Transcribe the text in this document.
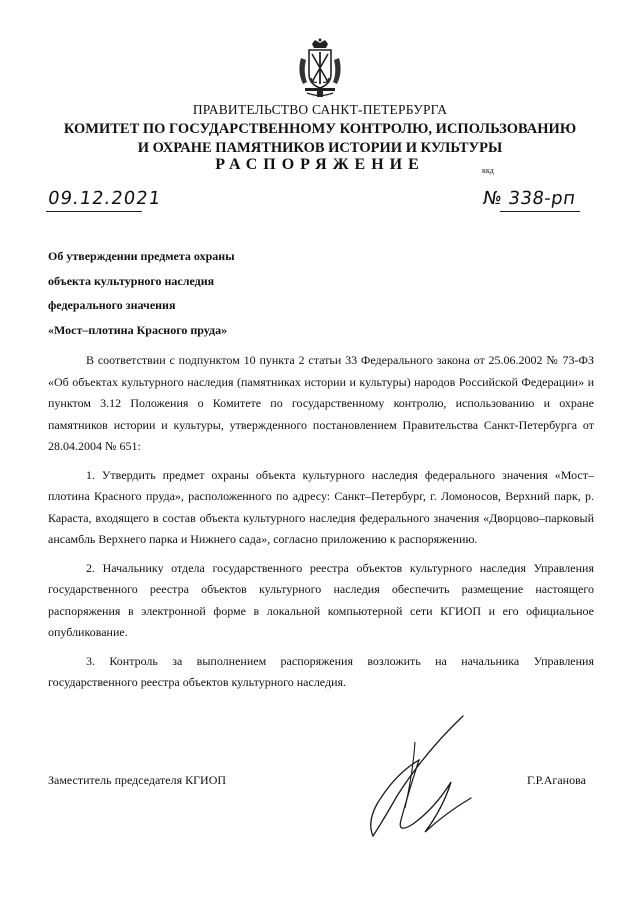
ПРАВИТЕЛЬСТВО САНКТ-ПЕТЕРБУРГА
КОМИТЕТ ПО ГОСУДАРСТВЕННОМУ КОНТРОЛЮ, ИСПОЛЬЗОВАНИЮ
И ОХРАНЕ ПАМЯТНИКОВ ИСТОРИИ И КУЛЬТУРЫ
РАСПОРЯЖЕНИЕ	ккд
09.12.2021	№ 338-рп
Об утверждении предмета охраны
объекта культурного наследия
федерального значения
«Мост–плотина Красного пруда»

В соответствии с подпунктом 10 пункта 2 статьи 33 Федерального закона от 25.06.2002 № 73-ФЗ «Об объектах культурного наследия (памятниках истории и культуры) народов Российской Федерации» и пунктом 3.12 Положения о Комитете по государственному контролю, использованию и охране памятников истории и культуры, утвержденного постановлением Правительства Санкт-Петербурга от 28.04.2004 № 651:

1. Утвердить предмет охраны объекта культурного наследия федерального значения «Мост–плотина Красного пруда», расположенного по адресу: Санкт–Петербург, г. Ломоносов, Верхний парк, р. Караста, входящего в состав объекта культурного наследия федерального значения «Дворцово–парковый ансамбль Верхнего парка и Нижнего сада», согласно приложению к распоряжению.

2. Начальнику отдела государственного реестра объектов культурного наследия Управления государственного реестра объектов культурного наследия обеспечить размещение настоящего распоряжения в электронной форме в локальной компьютерной сети КГИОП и его официальное опубликование.

3. Контроль за выполнением распоряжения возложить на начальника Управления государственного реестра объектов культурного наследия.

Заместитель председателя КГИОП	Г.Р.Аганова
